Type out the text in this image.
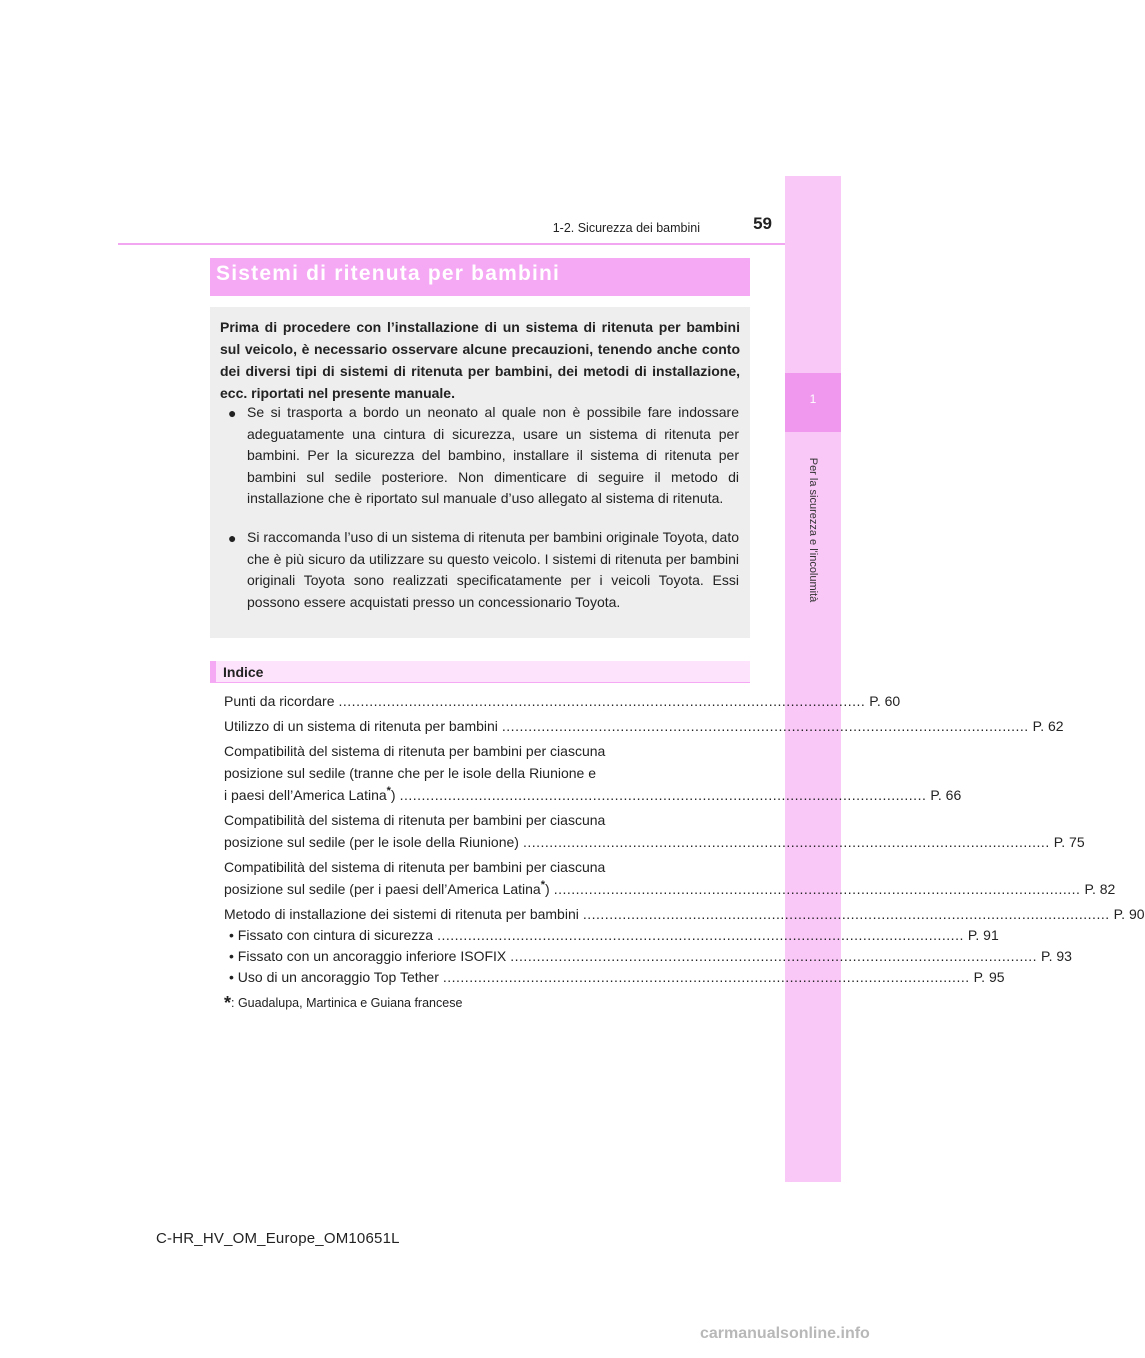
1-2. Sicurezza dei bambini	59
1
Per la sicurezza e l'incolumità
Sistemi di ritenuta per bambini
Prima di procedere con l’installazione di un sistema di ritenuta per bambini sul veicolo, è necessario osservare alcune precauzioni, tenendo anche conto dei diversi tipi di sistemi di ritenuta per bambini, dei metodi di installazione, ecc. riportati nel presente manuale.
● Se si trasporta a bordo un neonato al quale non è possibile fare indossare adeguatamente una cintura di sicurezza, usare un sistema di ritenuta per bambini. Per la sicurezza del bambino, installare il sistema di ritenuta per bambini sul sedile posteriore. Non dimenticare di seguire il metodo di installazione che è riportato sul manuale d’uso allegato al sistema di ritenuta.
● Si raccomanda l’uso di un sistema di ritenuta per bambini originale Toyota, dato che è più sicuro da utilizzare su questo veicolo. I sistemi di ritenuta per bambini originali Toyota sono realizzati specificatamente per i veicoli Toyota. Essi possono essere acquistati presso un concessionario Toyota.
Indice
Punti da ricordare ........................................................................................................................ P. 60
Utilizzo di un sistema di ritenuta per bambini ........................................................................................................................ P. 62
Compatibilità del sistema di ritenuta per bambini per ciascuna
posizione sul sedile (tranne che per le isole della Riunione e
i paesi dell’America Latina*) ........................................................................................................................ P. 66
Compatibilità del sistema di ritenuta per bambini per ciascuna
posizione sul sedile (per le isole della Riunione) ........................................................................................................................ P. 75
Compatibilità del sistema di ritenuta per bambini per ciascuna
posizione sul sedile (per i paesi dell’America Latina*) ........................................................................................................................ P. 82
Metodo di installazione dei sistemi di ritenuta per bambini ........................................................................................................................ P. 90
• Fissato con cintura di sicurezza ........................................................................................................................ P. 91
• Fissato con un ancoraggio inferiore ISOFIX ........................................................................................................................ P. 93
• Uso di un ancoraggio Top Tether ........................................................................................................................ P. 95
*: Guadalupa, Martinica e Guiana francese
C-HR_HV_OM_Europe_OM10651L
carmanualsonline.info
